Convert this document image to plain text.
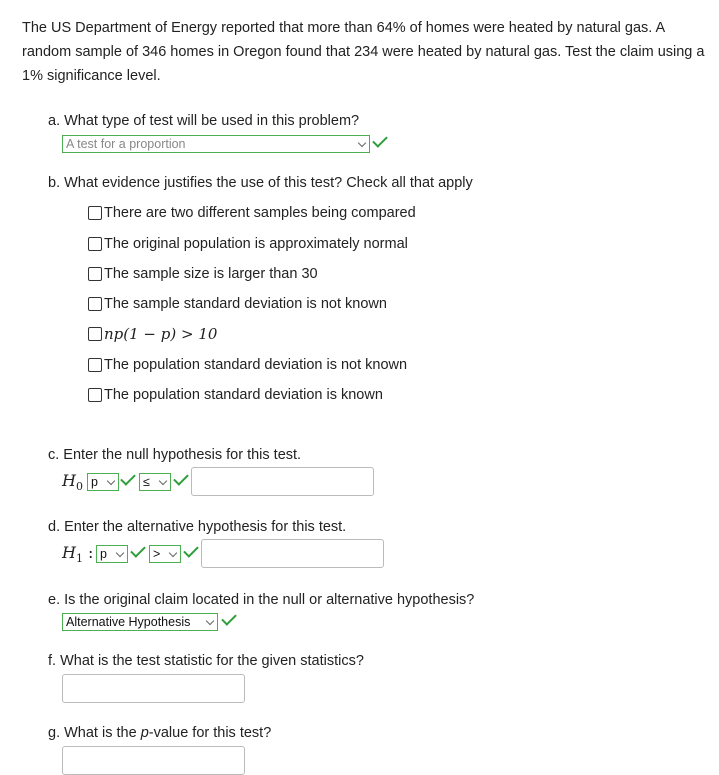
The US Department of Energy reported that more than 64% of homes were heated by natural gas. A random sample of 346 homes in Oregon found that 234 were heated by natural gas. Test the claim using a 1% significance level.
a. What type of test will be used in this problem?
A test for a proportion
b. What evidence justifies the use of this test? Check all that apply
There are two different samples being compared
The original population is approximately normal
The sample size is larger than 30
The sample standard deviation is not known
np(1 − p) > 10
The population standard deviation is not known
The population standard deviation is known
c. Enter the null hypothesis for this test.
$H_0$ p	≤
d. Enter the alternative hypothesis for this test.
$H_1$ : p	>
e. Is the original claim located in the null or alternative hypothesis?
Alternative Hypothesis
f. What is the test statistic for the given statistics?
g. What is the p-value for this test?
